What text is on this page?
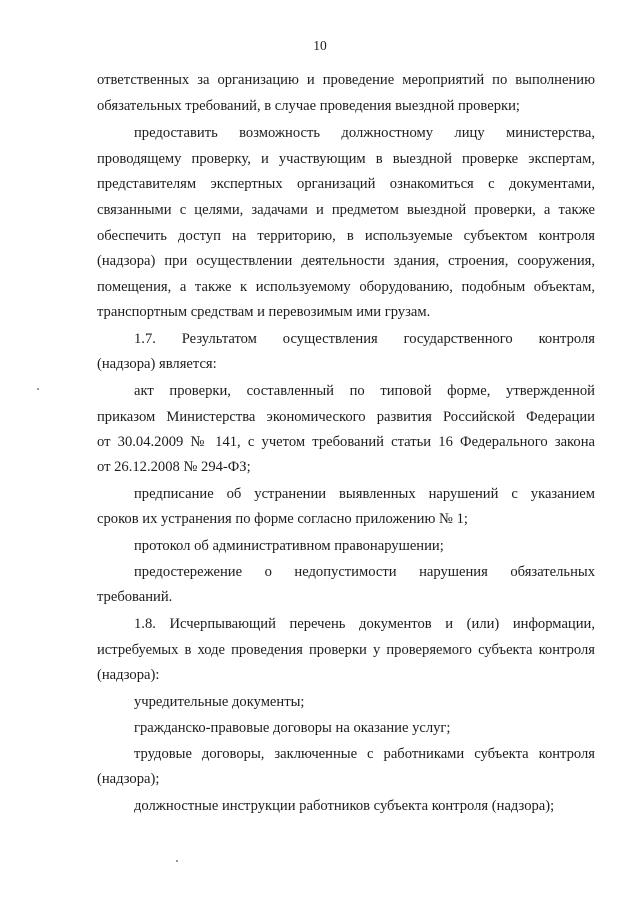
10
ответственных за организацию и проведение мероприятий по выполнению
обязательных требований, в случае проведения выездной проверки;
предоставить возможность должностному лицу министерства,
проводящему проверку, и участвующим в выездной проверке экспертам,
представителям экспертных организаций ознакомиться с документами,
связанными с целями, задачами и предметом выездной проверки, а также
обеспечить доступ на территорию, в используемые субъектом контроля
(надзора) при осуществлении деятельности здания, строения, сооружения,
помещения, а также к используемому оборудованию, подобным объектам,
транспортным средствам и перевозимым ими грузам.
1.7. Результатом осуществления государственного контроля
(надзора) является:
акт проверки, составленный по типовой форме, утвержденной
приказом Министерства экономического развития Российской Федерации
от 30.04.2009 № 141, с учетом требований статьи 16 Федерального закона
от 26.12.2008 № 294-ФЗ;
предписание об устранении выявленных нарушений с указанием
сроков их устранения по форме согласно приложению № 1;
протокол об административном правонарушении;
предостережение о недопустимости нарушения обязательных
требований.
1.8. Исчерпывающий перечень документов и (или) информации,
истребуемых в ходе проведения проверки у проверяемого субъекта контроля
(надзора):
учредительные документы;
гражданско-правовые договоры на оказание услуг;
трудовые договоры, заключенные с работниками субъекта контроля
(надзора);
должностные инструкции работников субъекта контроля (надзора);
